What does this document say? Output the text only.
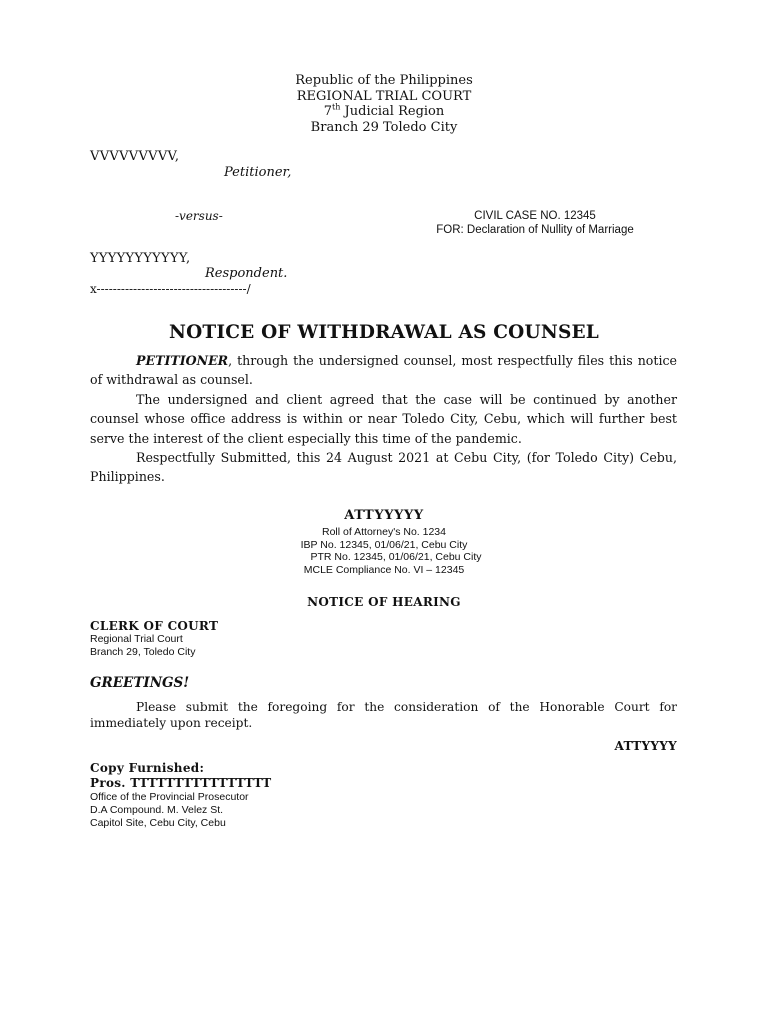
Republic of the Philippines
REGIONAL TRIAL COURT
7th Judicial Region
Branch 29 Toledo City
VVVVVVVVV,
Petitioner,
-versus-	CIVIL CASE NO. 12345
FOR: Declaration of Nullity of Marriage
YYYYYYYYYYY,
Respondent.
x-------------------------------------/
NOTICE OF WITHDRAWAL AS COUNSEL
PETITIONER, through the undersigned counsel, most respectfully files this notice of withdrawal as counsel.
The undersigned and client agreed that the case will be continued by another counsel whose office address is within or near Toledo City, Cebu, which will further best serve the interest of the client especially this time of the pandemic.
Respectfully Submitted, this 24 August 2021 at Cebu City, (for Toledo City) Cebu, Philippines.
ATTYYYYY
Roll of Attorney's No. 1234
IBP No. 12345, 01/06/21, Cebu City
PTR No. 12345, 01/06/21, Cebu City
MCLE Compliance No. VI – 12345
NOTICE OF HEARING
CLERK OF COURT
Regional Trial Court
Branch 29, Toledo City
GREETINGS!
Please submit the foregoing for the consideration of the Honorable Court for immediately upon receipt.
ATTYYYY
Copy Furnished:
Pros. TTTTTTTTTTTTTTTT
Office of the Provincial Prosecutor
D.A Compound. M. Velez St.
Capitol Site, Cebu City, Cebu
